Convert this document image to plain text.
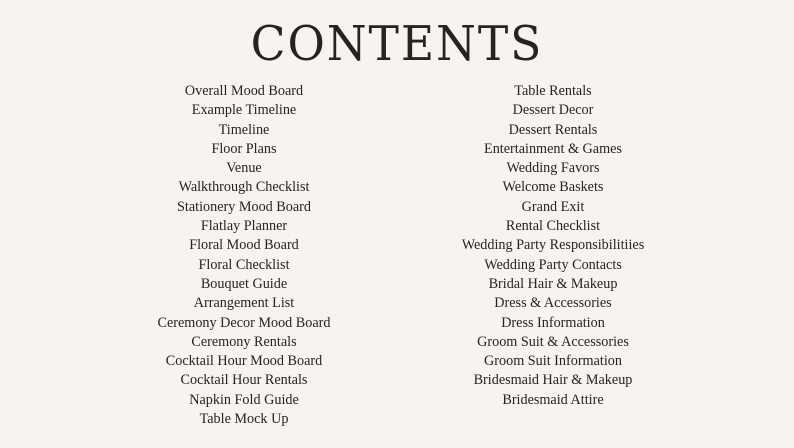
CONTENTS
Overall Mood Board
Example Timeline
Timeline
Floor Plans
Venue
Walkthrough Checklist
Stationery Mood Board
Flatlay Planner
Floral Mood Board
Floral Checklist
Bouquet Guide
Arrangement List
Ceremony Decor Mood Board
Ceremony Rentals
Cocktail Hour Mood Board
Cocktail Hour Rentals
Napkin Fold Guide
Table Mock Up
Table Rentals
Dessert Decor
Dessert Rentals
Entertainment & Games
Wedding Favors
Welcome Baskets
Grand Exit
Rental Checklist
Wedding Party Responsibilitiies
Wedding Party Contacts
Bridal Hair & Makeup
Dress & Accessories
Dress Information
Groom Suit & Accessories
Groom Suit Information
Bridesmaid Hair & Makeup
Bridesmaid Attire
